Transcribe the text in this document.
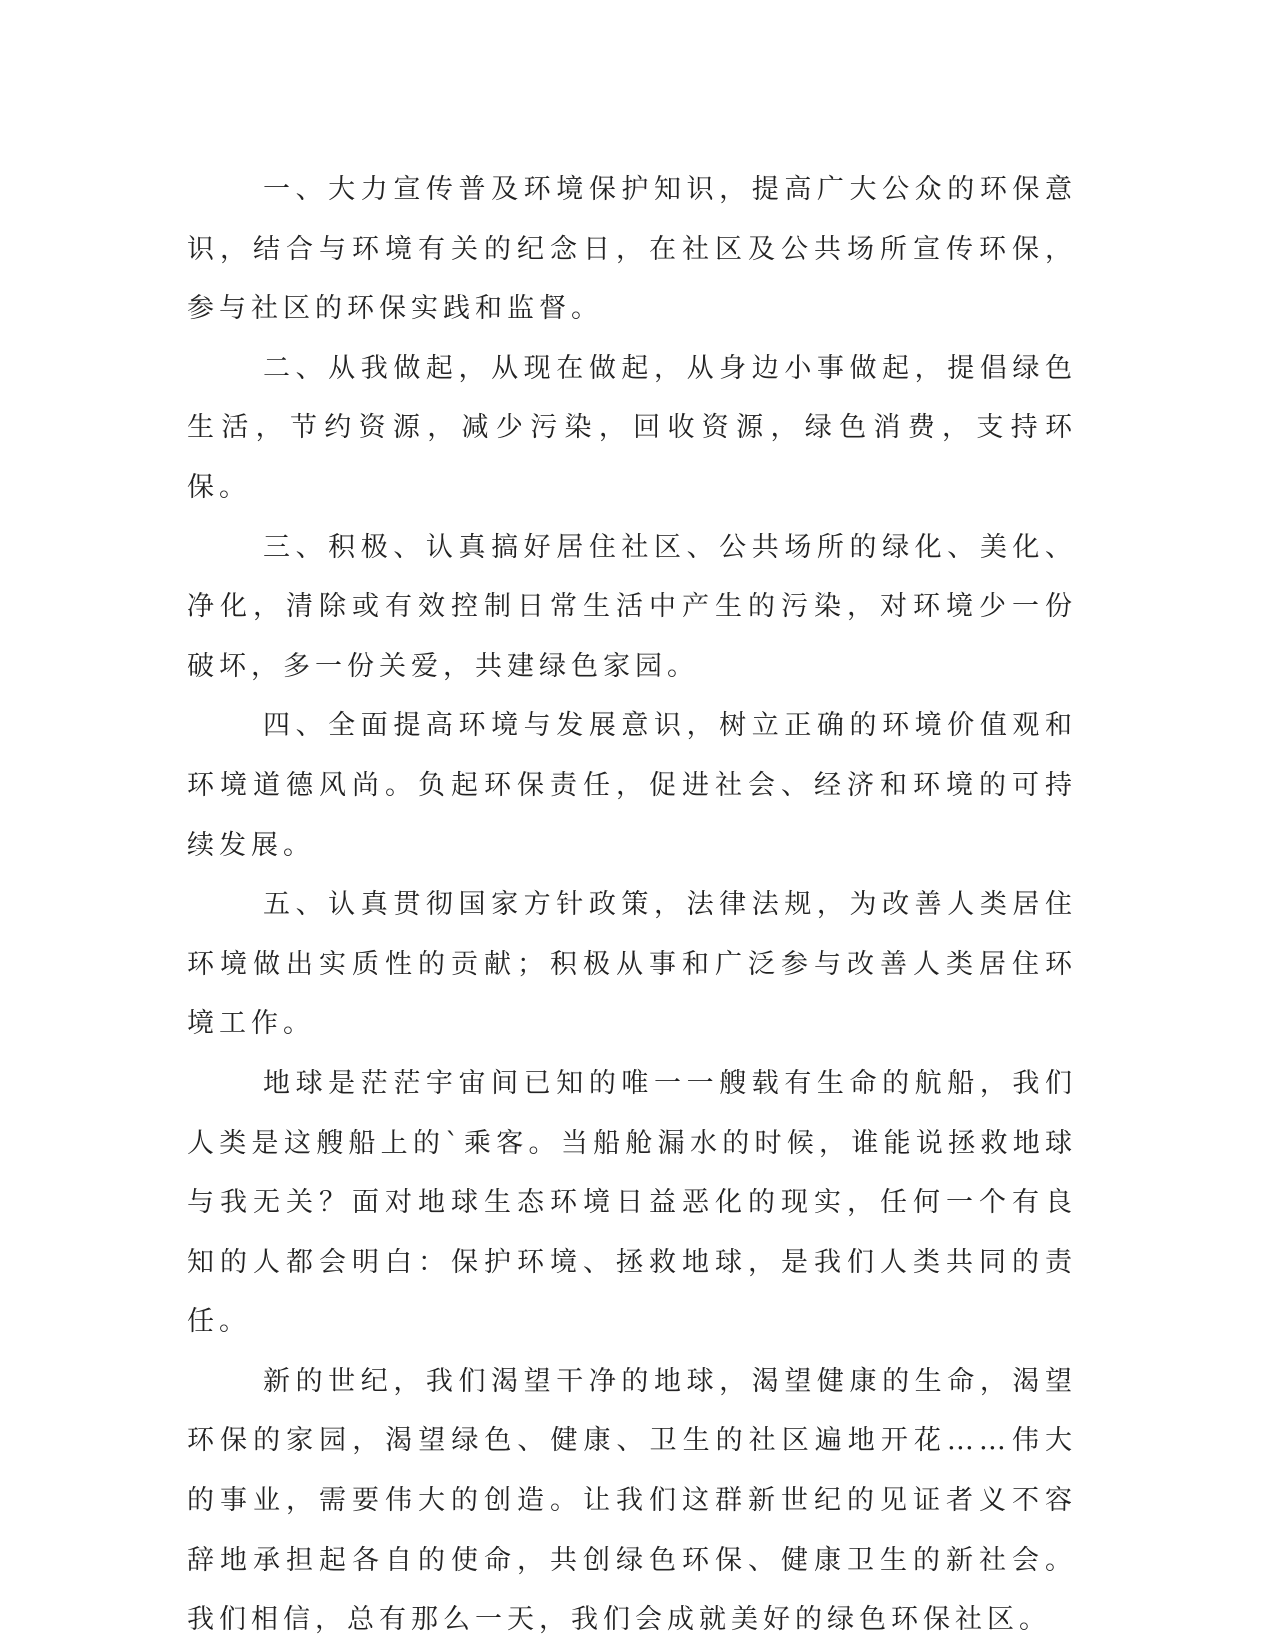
一、大力宣传普及环境保护知识，提高广大公众的环保意识，结合与环境有关的纪念日，在社区及公共场所宣传环保，参与社区的环保实践和监督。

二、从我做起，从现在做起，从身边小事做起，提倡绿色生活，节约资源，减少污染，回收资源，绿色消费，支持环保。

三、积极、认真搞好居住社区、公共场所的绿化、美化、净化，清除或有效控制日常生活中产生的污染，对环境少一份破坏，多一份关爱，共建绿色家园。

四、全面提高环境与发展意识，树立正确的环境价值观和环境道德风尚。负起环保责任，促进社会、经济和环境的可持续发展。

五、认真贯彻国家方针政策，法律法规，为改善人类居住环境做出实质性的贡献；积极从事和广泛参与改善人类居住环境工作。

地球是茫茫宇宙间已知的唯一一艘载有生命的航船，我们人类是这艘船上的`乘客。当船舱漏水的时候，谁能说拯救地球与我无关？面对地球生态环境日益恶化的现实，任何一个有良知的人都会明白：保护环境、拯救地球，是我们人类共同的责任。

新的世纪，我们渴望干净的地球，渴望健康的生命，渴望环保的家园，渴望绿色、健康、卫生的社区遍地开花……伟大的事业，需要伟大的创造。让我们这群新世纪的见证者义不容辞地承担起各自的使命，共创绿色环保、健康卫生的新社会。我们相信，总有那么一天，我们会成就美好的绿色环保社区。
